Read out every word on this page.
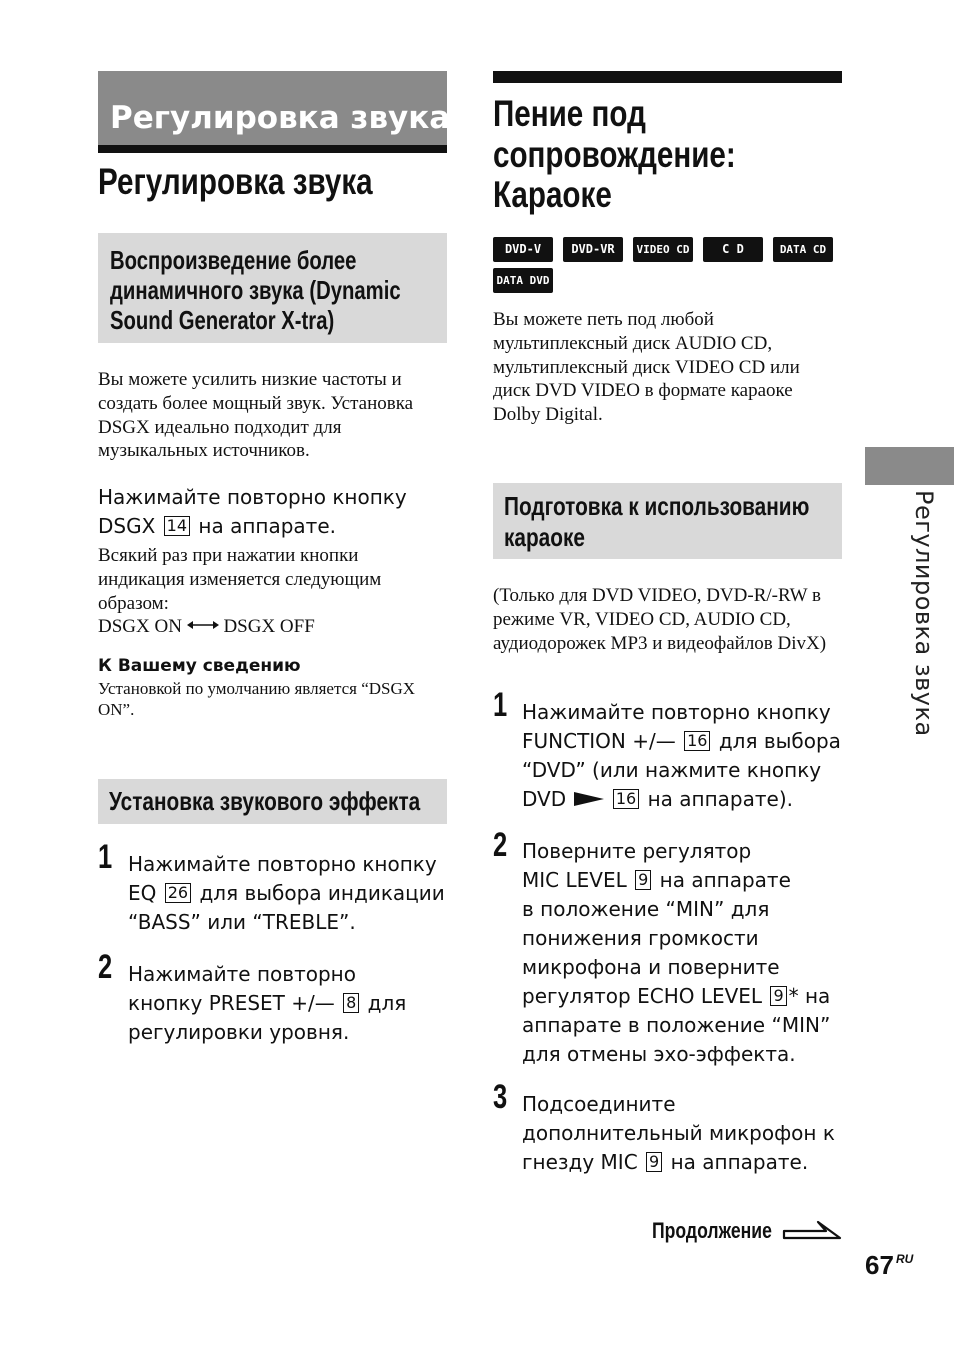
Регулировка звука
Регулировка звука
Воспроизведение более
динамичного звука (Dynamic
Sound Generator X-tra)
Вы можете усилить низкие частоты и создать более мощный звук. Установка DSGX идеально подходит для музыкальных источников.
Нажимайте повторно кнопку
DSGX 14 на аппарате.
Всякий раз при нажатии кнопки индикация изменяется следующим образом:
DSGX ON DSGX OFF
К Вашему сведению
Установкой по умолчанию является “DSGX ON”.
Установка звукового эффекта
1 Нажимайте повторно кнопку
EQ 26 для выбора индикации
“BASS” или “TREBLE”.
2 Нажимайте повторно
кнопку PRESET +/— 8 для
регулировки уровня.
Пение под
сопровождение:
Караоке
DVD-V	DVD-VR	VIDEO CD	C D	DATA CD
DATA DVD
Вы можете петь под любой мультиплексный диск AUDIO CD, мультиплексный диск VIDEO CD или диск DVD VIDEO в формате караоке Dolby Digital.
Подготовка к использованию
караоке
(Только для DVD VIDEO, DVD-R/-RW в режиме VR, VIDEO CD, AUDIO CD, аудиодорожек MP3 и видеофайлов DivX)
1 Нажимайте повторно кнопку
FUNCTION +/— 16 для выбора
“DVD” (или нажмите кнопку
DVD	16 на аппарате).
2 Поверните регулятор
MIC LEVEL 9 на аппарате
в положение “MIN” для
понижения громкости
микрофона и поверните
регулятор ECHO LEVEL 9 * на
аппарате в положение “MIN”
для отмены эхо-эффекта.
3 Подсоедините
дополнительный микрофон к
гнезду MIC 9 на аппарате.
Регулировка звука
Продолжение
67 RU
